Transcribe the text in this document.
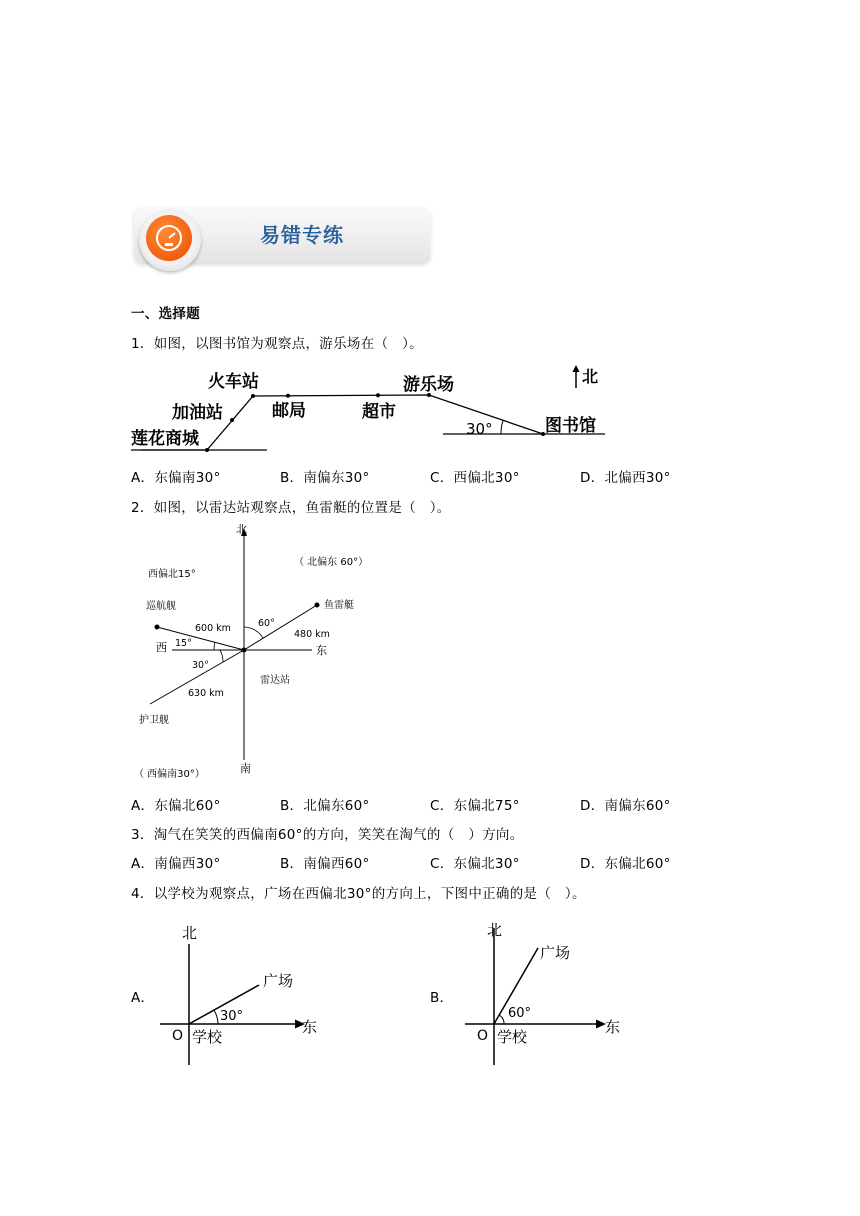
易错专练
一、选择题
1．如图，以图书馆为观察点，游乐场在（　）。
火车站
加油站
莲花商城
邮局	超市
游乐场
图书馆
30°
北
A．东偏南30°	B．南偏东30°	C．西偏北30°	D．北偏西30°
2．如图，以雷达站观察点，鱼雷艇的位置是（　）。
北
南
东
西
（ 北偏东 60°）
西偏北15°
（ 西偏南30°）
巡航舰	鱼雷艇
护卫舰
雷达站
600 km
480 km
630 km
60°
15°
30°
A．东偏北60°	B．北偏东60°	C．东偏北75°	D．南偏东60°
3．淘气在笑笑的西偏南60°的方向，笑笑在淘气的（　）方向。
A．南偏西30°	B．南偏西60°	C．东偏北30°	D．东偏北60°
4．以学校为观察点，广场在西偏北30°的方向上，下图中正确的是（　）。
A．
北
东
O 学校
广场
30°
B．
北
东
O 学校
广场
60°
